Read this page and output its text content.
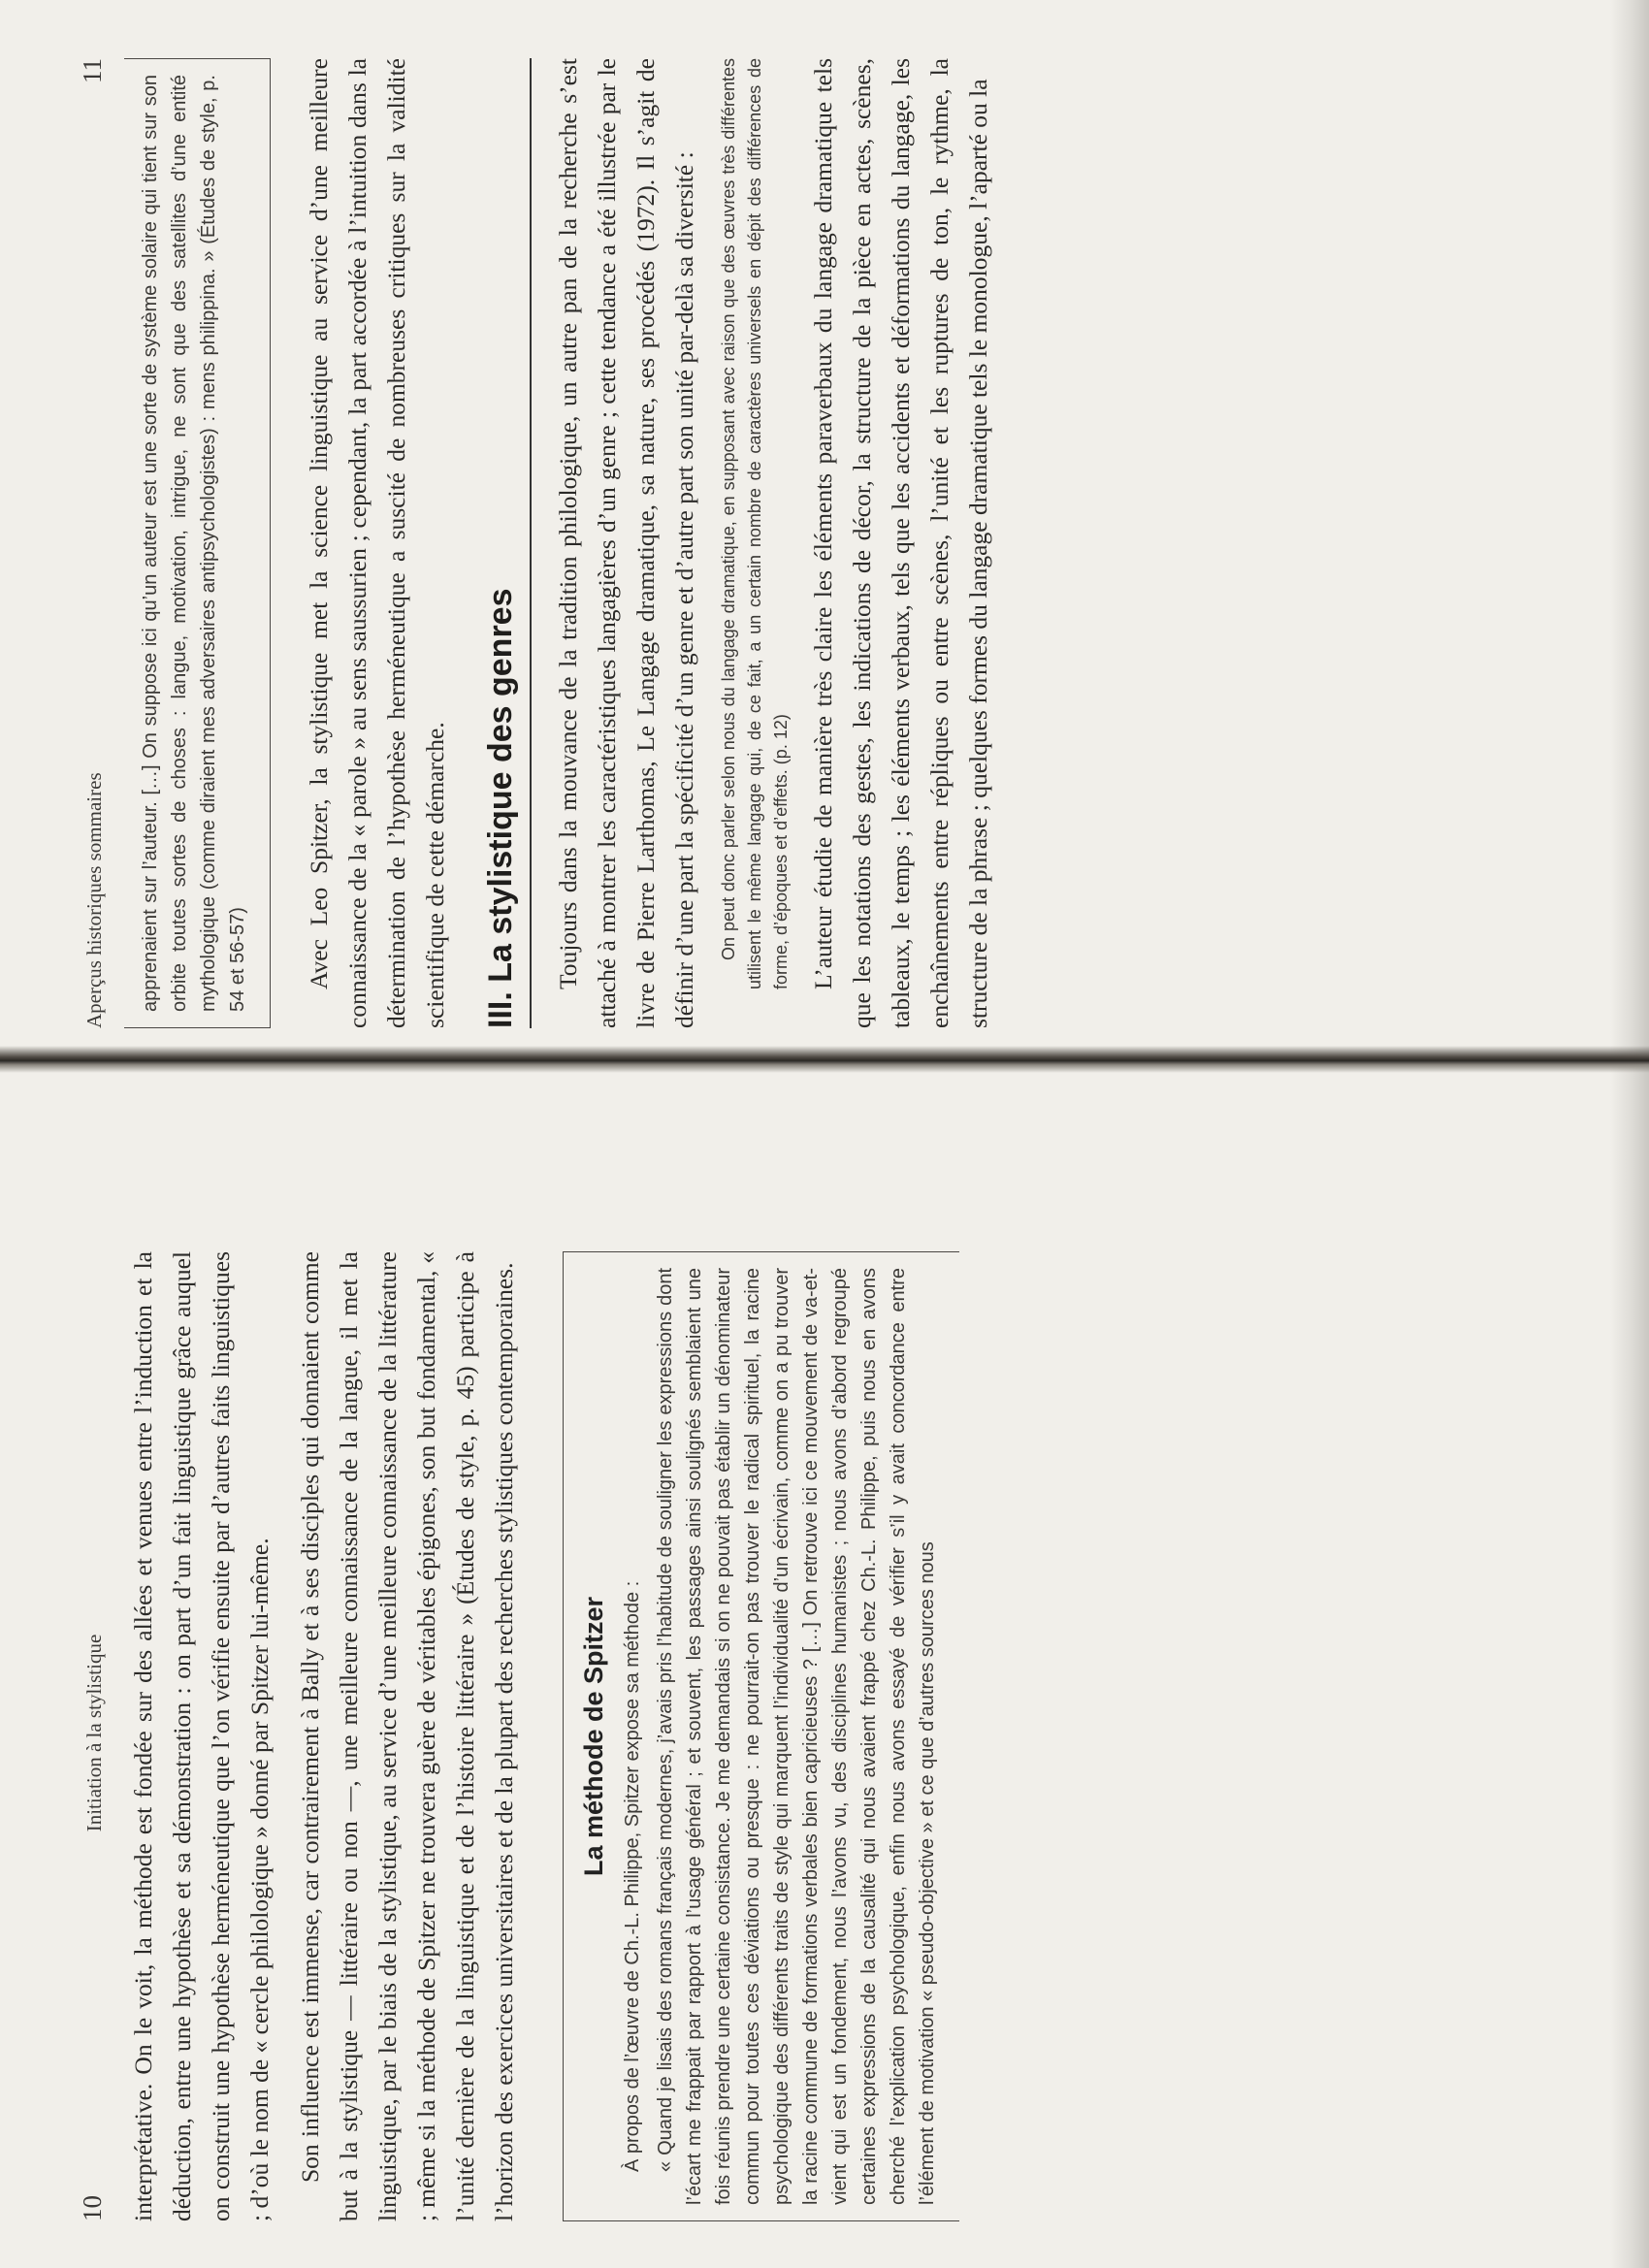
Aperçus historiques sommaires
11

apprenaient sur l’auteur. […] On suppose ici qu’un auteur est une sorte de système solaire qui tient sur son orbite toutes sortes de choses : langue, motivation, intrigue, ne sont que des satellites d’une entité mythologique (comme diraient mes adversaires antipsychologistes) : mens philippina. » (Études de style, p. 54 et 56-57) Avec Leo Spitzer, la stylistique met la science linguistique au service d’une meilleure connaissance de la « parole » au sens saussurien ; cependant, la part accordée à l’intuition dans la détermination de l’hypothèse herméneutique a suscité de nombreuses critiques sur la validité scientifique de cette démarche. III. La stylistique des genres	Toujours dans la mouvance de la tradition philologique, un autre pan de la recherche s’est attaché à montrer les caractéristiques langagières d’un genre ; cette tendance a été illustrée par le livre de Pierre Larthomas, Le Langage dramatique, sa nature, ses procédés (1972). Il s’agit de définir d’une part la spécificité d’un genre et d’autre part son unité par-delà sa diversité :	On peut donc parler selon nous du langage dramatique, en supposant avec raison que des œuvres très différentes utilisent le même langage qui, de ce fait, a un certain nombre de caractères universels en dépit des différences de forme, d’époques et d’effets. (p. 12) L’auteur étudie de manière très claire les éléments paraverbaux du langage dramatique tels que les notations des gestes, les indications de décor, la structure de la pièce en actes, scènes, tableaux, le temps ; les éléments verbaux, tels que les accidents et déformations du langage, les enchaînements entre répliques ou entre scènes, l’unité et les ruptures de ton, le rythme, la structure de la phrase ; quelques formes du langage dramatique tels le monologue, l’aparté ou la

10
Initiation à la stylistique interprétative. On le voit, la méthode est fondée sur des allées et venues entre l’induction et la déduction, entre une hypothèse et sa démonstration : on part d’un fait linguistique grâce auquel on construit une hypothèse herméneutique que l’on vérifie ensuite par d’autres faits linguistiques ; d’où le nom de « cercle philologique » donné par Spitzer lui-même. Son influence est immense, car contrairement à Bally et à ses disciples qui donnaient comme but à la stylistique — littéraire ou non —, une meilleure connaissance de la langue, il met la linguistique, par le biais de la stylistique, au service d’une meilleure connaissance de la littérature ; même si la méthode de Spitzer ne trouvera guère de véritables épigones, son but fondamental, « l’unité dernière de la linguistique et de l’histoire littéraire » (Études de style, p. 45) participe à l’horizon des exercices universitaires et de la plupart des recherches stylistiques contemporaines. La méthode de Spitzer À propos de l’œuvre de Ch.-L. Philippe, Spitzer expose sa méthode : « Quand je lisais des romans français modernes, j’avais pris l’habitude de souligner les expressions dont l’écart me frappait par rapport à l’usage général ; et souvent, les passages ainsi soulignés semblaient une fois réunis prendre une certaine consistance. Je me demandais si on ne pouvait pas établir un dénominateur commun pour toutes ces déviations ou presque : ne pourrait-on pas trouver le radical spirituel, la racine psychologique des différents traits de style qui marquent l’individualité d’un écrivain, comme on a pu trouver la racine commune de formations verbales bien capricieuses ? […] On retrouve ici ce mouvement de va-et-vient qui est un fondement, nous l’avons vu, des disciplines humanistes ; nous avons d’abord regroupé certaines expressions de la causalité qui nous avaient frappé chez Ch.-L. Philippe, puis nous en avons cherché l’explication psychologique, enfin nous avons essayé de vérifier s’il y avait concordance entre l’élément de motivation « pseudo-objective » et ce que d’autres sources nous
